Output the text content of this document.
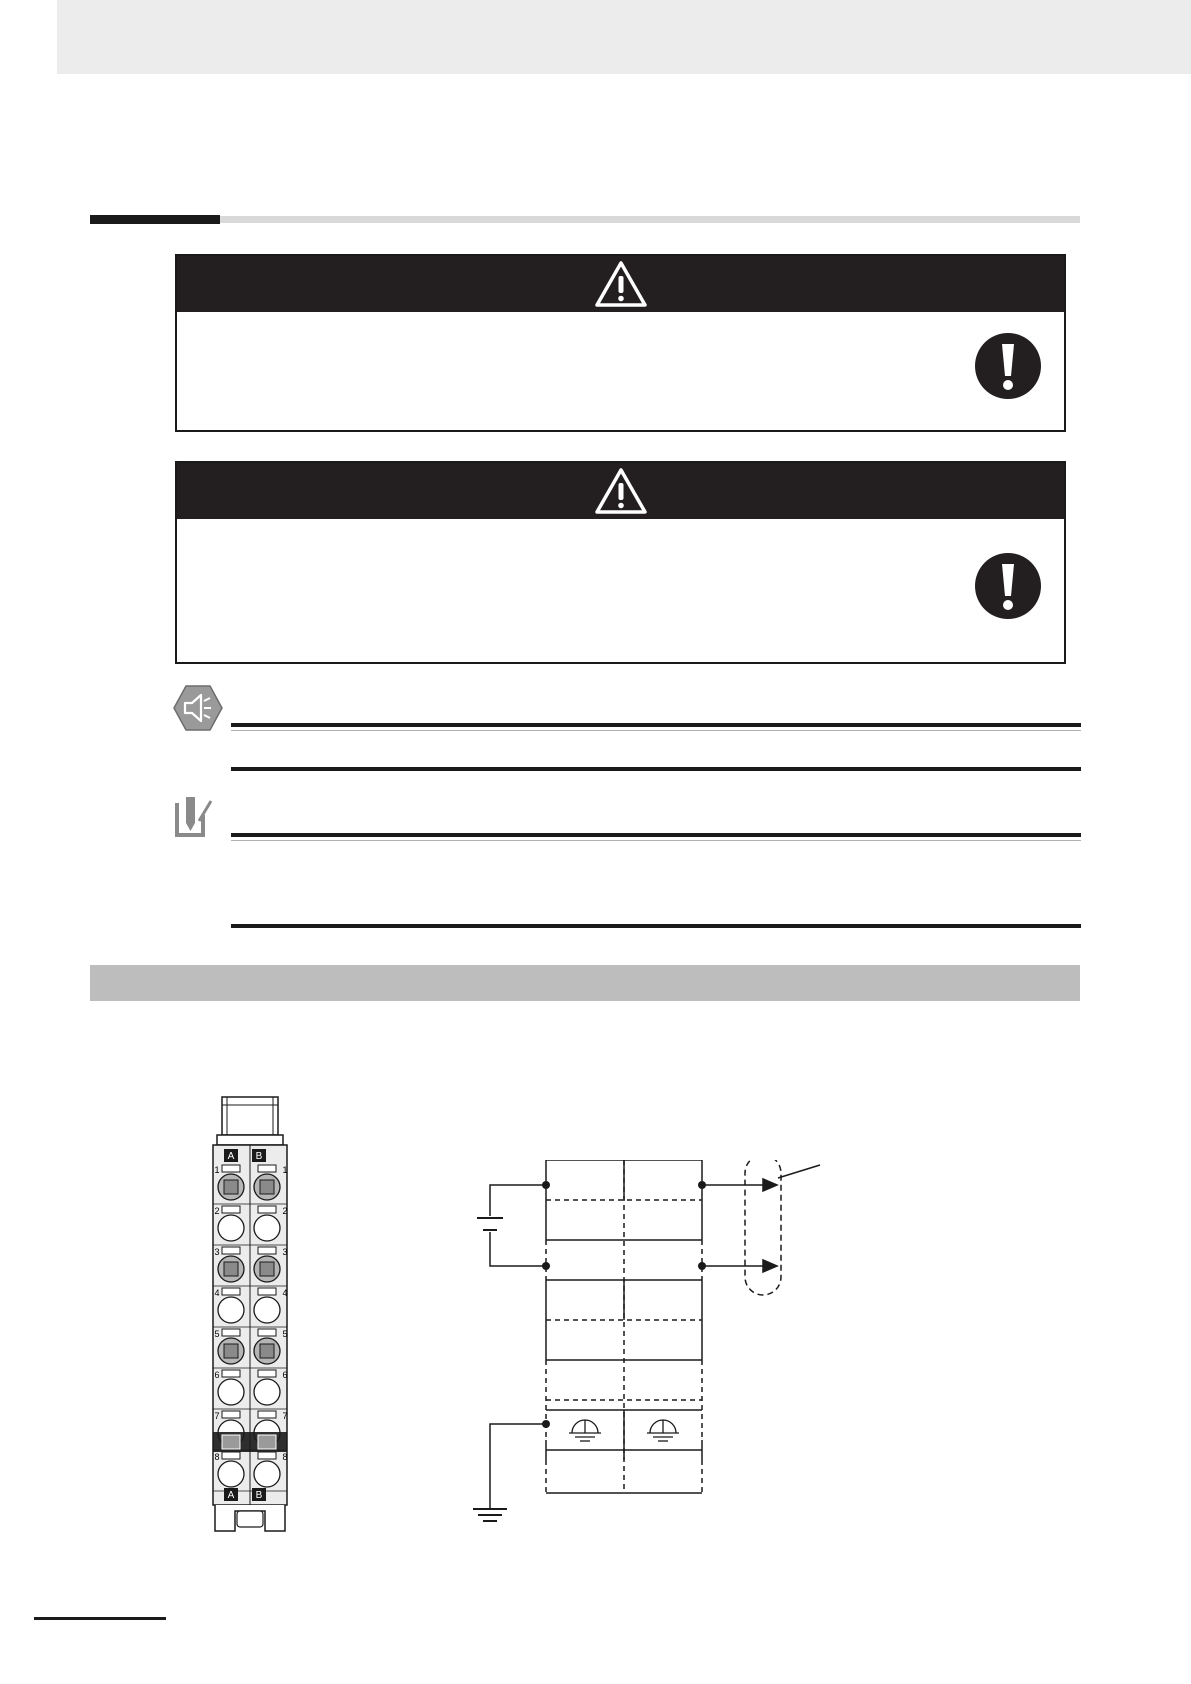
A B
1	1
2	2
3	3
4	4
5	5
6	6
7	7
8	8
A B
